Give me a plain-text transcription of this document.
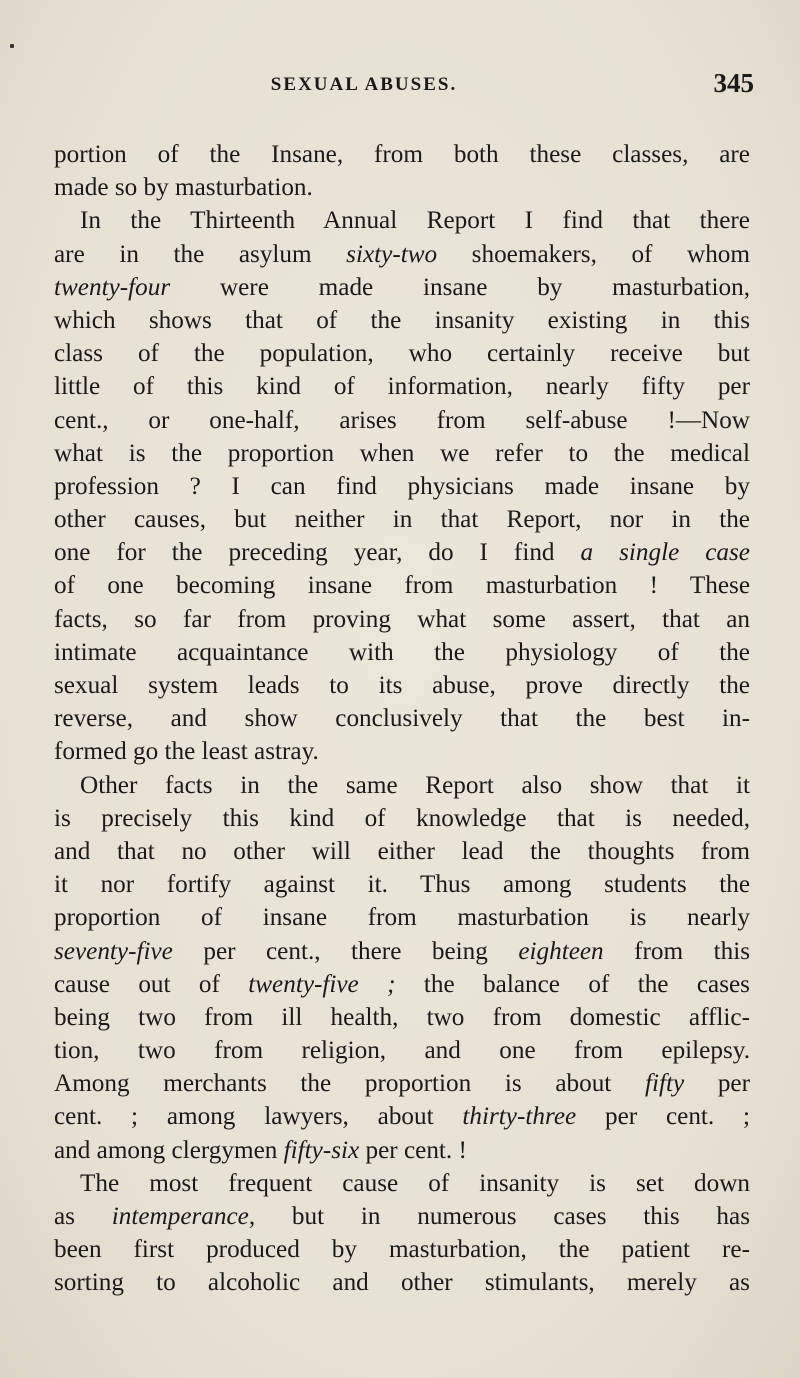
SEXUAL ABUSES.	345
portion of the Insane, from both these classes, are
made so by masturbation.
In the Thirteenth Annual Report I find that there
are in the asylum sixty-two shoemakers, of whom
twenty-four were made insane by masturbation,
which shows that of the insanity existing in this
class of the population, who certainly receive but
little of this kind of information, nearly fifty per
cent., or one-half, arises from self-abuse !—Now
what is the proportion when we refer to the medical
profession ? I can find physicians made insane by
other causes, but neither in that Report, nor in the
one for the preceding year, do I find a single case
of one becoming insane from masturbation ! These
facts, so far from proving what some assert, that an
intimate acquaintance with the physiology of the
sexual system leads to its abuse, prove directly the
reverse, and show conclusively that the best in-
formed go the least astray.
Other facts in the same Report also show that it
is precisely this kind of knowledge that is needed,
and that no other will either lead the thoughts from
it nor fortify against it. Thus among students the
proportion of insane from masturbation is nearly
seventy-five per cent., there being eighteen from this
cause out of twenty-five ; the balance of the cases
being two from ill health, two from domestic afflic-
tion, two from religion, and one from epilepsy.
Among merchants the proportion is about fifty per
cent. ; among lawyers, about thirty-three per cent. ;
and among clergymen fifty-six per cent. !
The most frequent cause of insanity is set down
as intemperance, but in numerous cases this has
been first produced by masturbation, the patient re-
sorting to alcoholic and other stimulants, merely as
